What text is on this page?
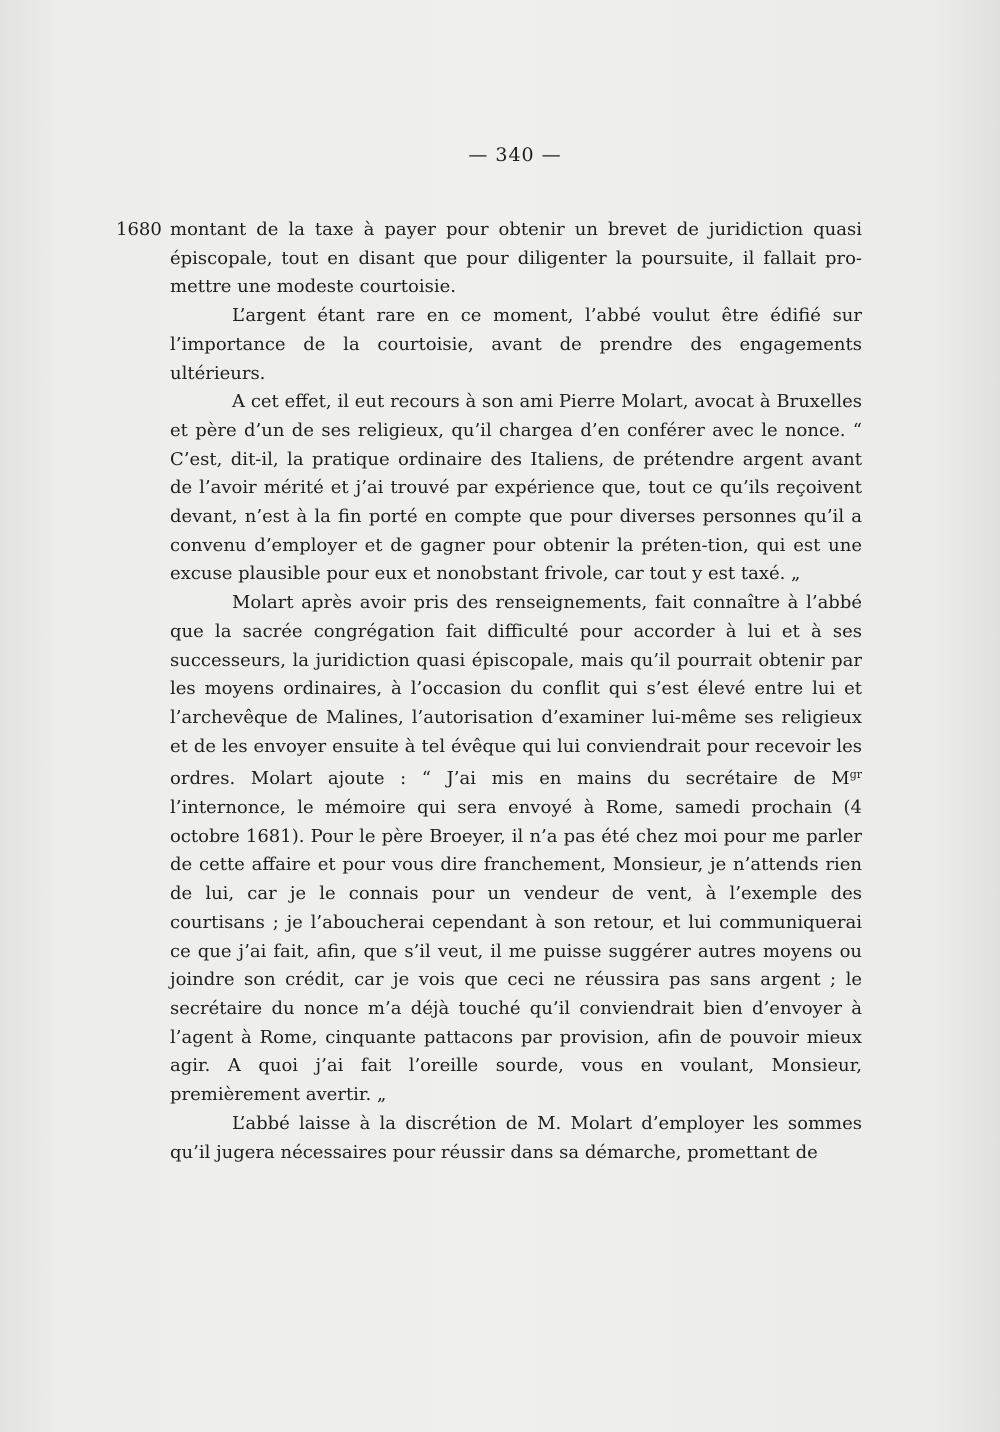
— 340 —
1680 montant de la taxe à payer pour obtenir un brevet de juridiction quasi épiscopale, tout en disant que pour diligenter la poursuite, il fallait pro-mettre une modeste courtoisie.

L’argent étant rare en ce moment, l’abbé voulut être édifié sur l’importance de la courtoisie, avant de prendre des engagements ultérieurs.

A cet effet, il eut recours à son ami Pierre Molart, avocat à Bruxelles et père d’un de ses religieux, qu’il chargea d’en conférer avec le nonce. “ C’est, dit-il, la pratique ordinaire des Italiens, de prétendre argent avant de l’avoir mérité et j’ai trouvé par expérience que, tout ce qu’ils reçoivent devant, n’est à la fin porté en compte que pour diverses personnes qu’il a convenu d’employer et de gagner pour obtenir la préten-tion, qui est une excuse plausible pour eux et nonobstant frivole, car tout y est taxé. „

Molart après avoir pris des renseignements, fait connaître à l’abbé que la sacrée congrégation fait difficulté pour accorder à lui et à ses successeurs, la juridiction quasi épiscopale, mais qu’il pourrait obtenir par les moyens ordinaires, à l’occasion du conflit qui s’est élevé entre lui et l’archevêque de Malines, l’autorisation d’examiner lui-même ses religieux et de les envoyer ensuite à tel évêque qui lui conviendrait pour recevoir les ordres. Molart ajoute : “ J’ai mis en mains du secrétaire de $M^{gr}$ l’internonce, le mémoire qui sera envoyé à Rome, samedi prochain (4 octobre 1681). Pour le père Broeyer, il n’a pas été chez moi pour me parler de cette affaire et pour vous dire franchement, Monsieur, je n’attends rien de lui, car je le connais pour un vendeur de vent, à l’exemple des courtisans ; je l’aboucherai cependant à son retour, et lui communiquerai ce que j’ai fait, afin, que s’il veut, il me puisse suggérer autres moyens ou joindre son crédit, car je vois que ceci ne réussira pas sans argent ; le secrétaire du nonce m’a déjà touché qu’il conviendrait bien d’envoyer à l’agent à Rome, cinquante pattacons par provision, afin de pouvoir mieux agir. A quoi j’ai fait l’oreille sourde, vous en voulant, Monsieur, premièrement avertir. „

L’abbé laisse à la discrétion de M. Molart d’employer les sommes qu’il jugera nécessaires pour réussir dans sa démarche, promettant de
